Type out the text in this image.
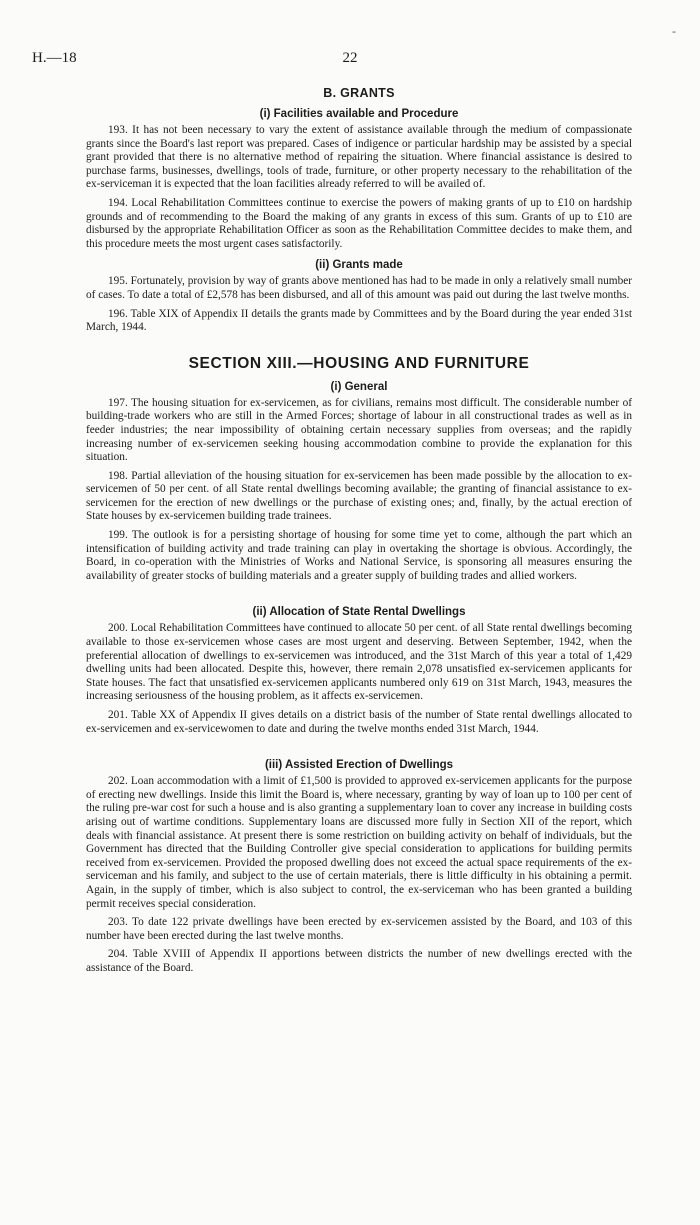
H.—18	22
-
B. GRANTS
(i) Facilities available and Procedure

193. It has not been necessary to vary the extent of assistance available through the medium of compassionate grants since the Board's last report was prepared. Cases of indigence or particular hardship may be assisted by a special grant provided that there is no alternative method of repairing the situation. Where financial assistance is desired to purchase farms, businesses, dwellings, tools of trade, furniture, or other property necessary to the rehabilitation of the ex-serviceman it is expected that the loan facilities already referred to will be availed of.

194. Local Rehabilitation Committees continue to exercise the powers of making grants of up to £10 on hardship grounds and of recommending to the Board the making of any grants in excess of this sum. Grants of up to £10 are disbursed by the appropriate Rehabilitation Officer as soon as the Rehabilitation Committee decides to make them, and this procedure meets the most urgent cases satisfactorily.

(ii) Grants made

195. Fortunately, provision by way of grants above mentioned has had to be made in only a relatively small number of cases. To date a total of £2,578 has been disbursed, and all of this amount was paid out during the last twelve months.

196. Table XIX of Appendix II details the grants made by Committees and by the Board during the year ended 31st March, 1944.

SECTION XIII.—HOUSING AND FURNITURE
(i) General

197. The housing situation for ex-servicemen, as for civilians, remains most difficult. The considerable number of building-trade workers who are still in the Armed Forces; shortage of labour in all constructional trades as well as in feeder industries; the near impossibility of obtaining certain necessary supplies from overseas; and the rapidly increasing number of ex-servicemen seeking housing accommodation combine to provide the explanation for this situation.

198. Partial alleviation of the housing situation for ex-servicemen has been made possible by the allocation to ex-servicemen of 50 per cent. of all State rental dwellings becoming available; the granting of financial assistance to ex-servicemen for the erection of new dwellings or the purchase of existing ones; and, finally, by the actual erection of State houses by ex-servicemen building trade trainees.

199. The outlook is for a persisting shortage of housing for some time yet to come, although the part which an intensification of building activity and trade training can play in overtaking the shortage is obvious. Accordingly, the Board, in co-operation with the Ministries of Works and National Service, is sponsoring all measures ensuring the availability of greater stocks of building materials and a greater supply of building trades and allied workers.

(ii) Allocation of State Rental Dwellings

200. Local Rehabilitation Committees have continued to allocate 50 per cent. of all State rental dwellings becoming available to those ex-servicemen whose cases are most urgent and deserving. Between September, 1942, when the preferential allocation of dwellings to ex-servicemen was introduced, and the 31st March of this year a total of 1,429 dwelling units had been allocated. Despite this, however, there remain 2,078 unsatisfied ex-servicemen applicants for State houses. The fact that unsatisfied ex-servicemen applicants numbered only 619 on 31st March, 1943, measures the increasing seriousness of the housing problem, as it affects ex-servicemen.

201. Table XX of Appendix II gives details on a district basis of the number of State rental dwellings allocated to ex-servicemen and ex-servicewomen to date and during the twelve months ended 31st March, 1944.

(iii) Assisted Erection of Dwellings

202. Loan accommodation with a limit of £1,500 is provided to approved ex-servicemen applicants for the purpose of erecting new dwellings. Inside this limit the Board is, where necessary, granting by way of loan up to 100 per cent of the ruling pre-war cost for such a house and is also granting a supplementary loan to cover any increase in building costs arising out of wartime conditions. Supplementary loans are discussed more fully in Section XII of the report, which deals with financial assistance. At present there is some restriction on building activity on behalf of individuals, but the Government has directed that the Building Controller give special consideration to applications for building permits received from ex-servicemen. Provided the proposed dwelling does not exceed the actual space requirements of the ex-serviceman and his family, and subject to the use of certain materials, there is little difficulty in his obtaining a permit. Again, in the supply of timber, which is also subject to control, the ex-serviceman who has been granted a building permit receives special consideration.

203. To date 122 private dwellings have been erected by ex-servicemen assisted by the Board, and 103 of this number have been erected during the last twelve months.

204. Table XVIII of Appendix II apportions between districts the number of new dwellings erected with the assistance of the Board.
